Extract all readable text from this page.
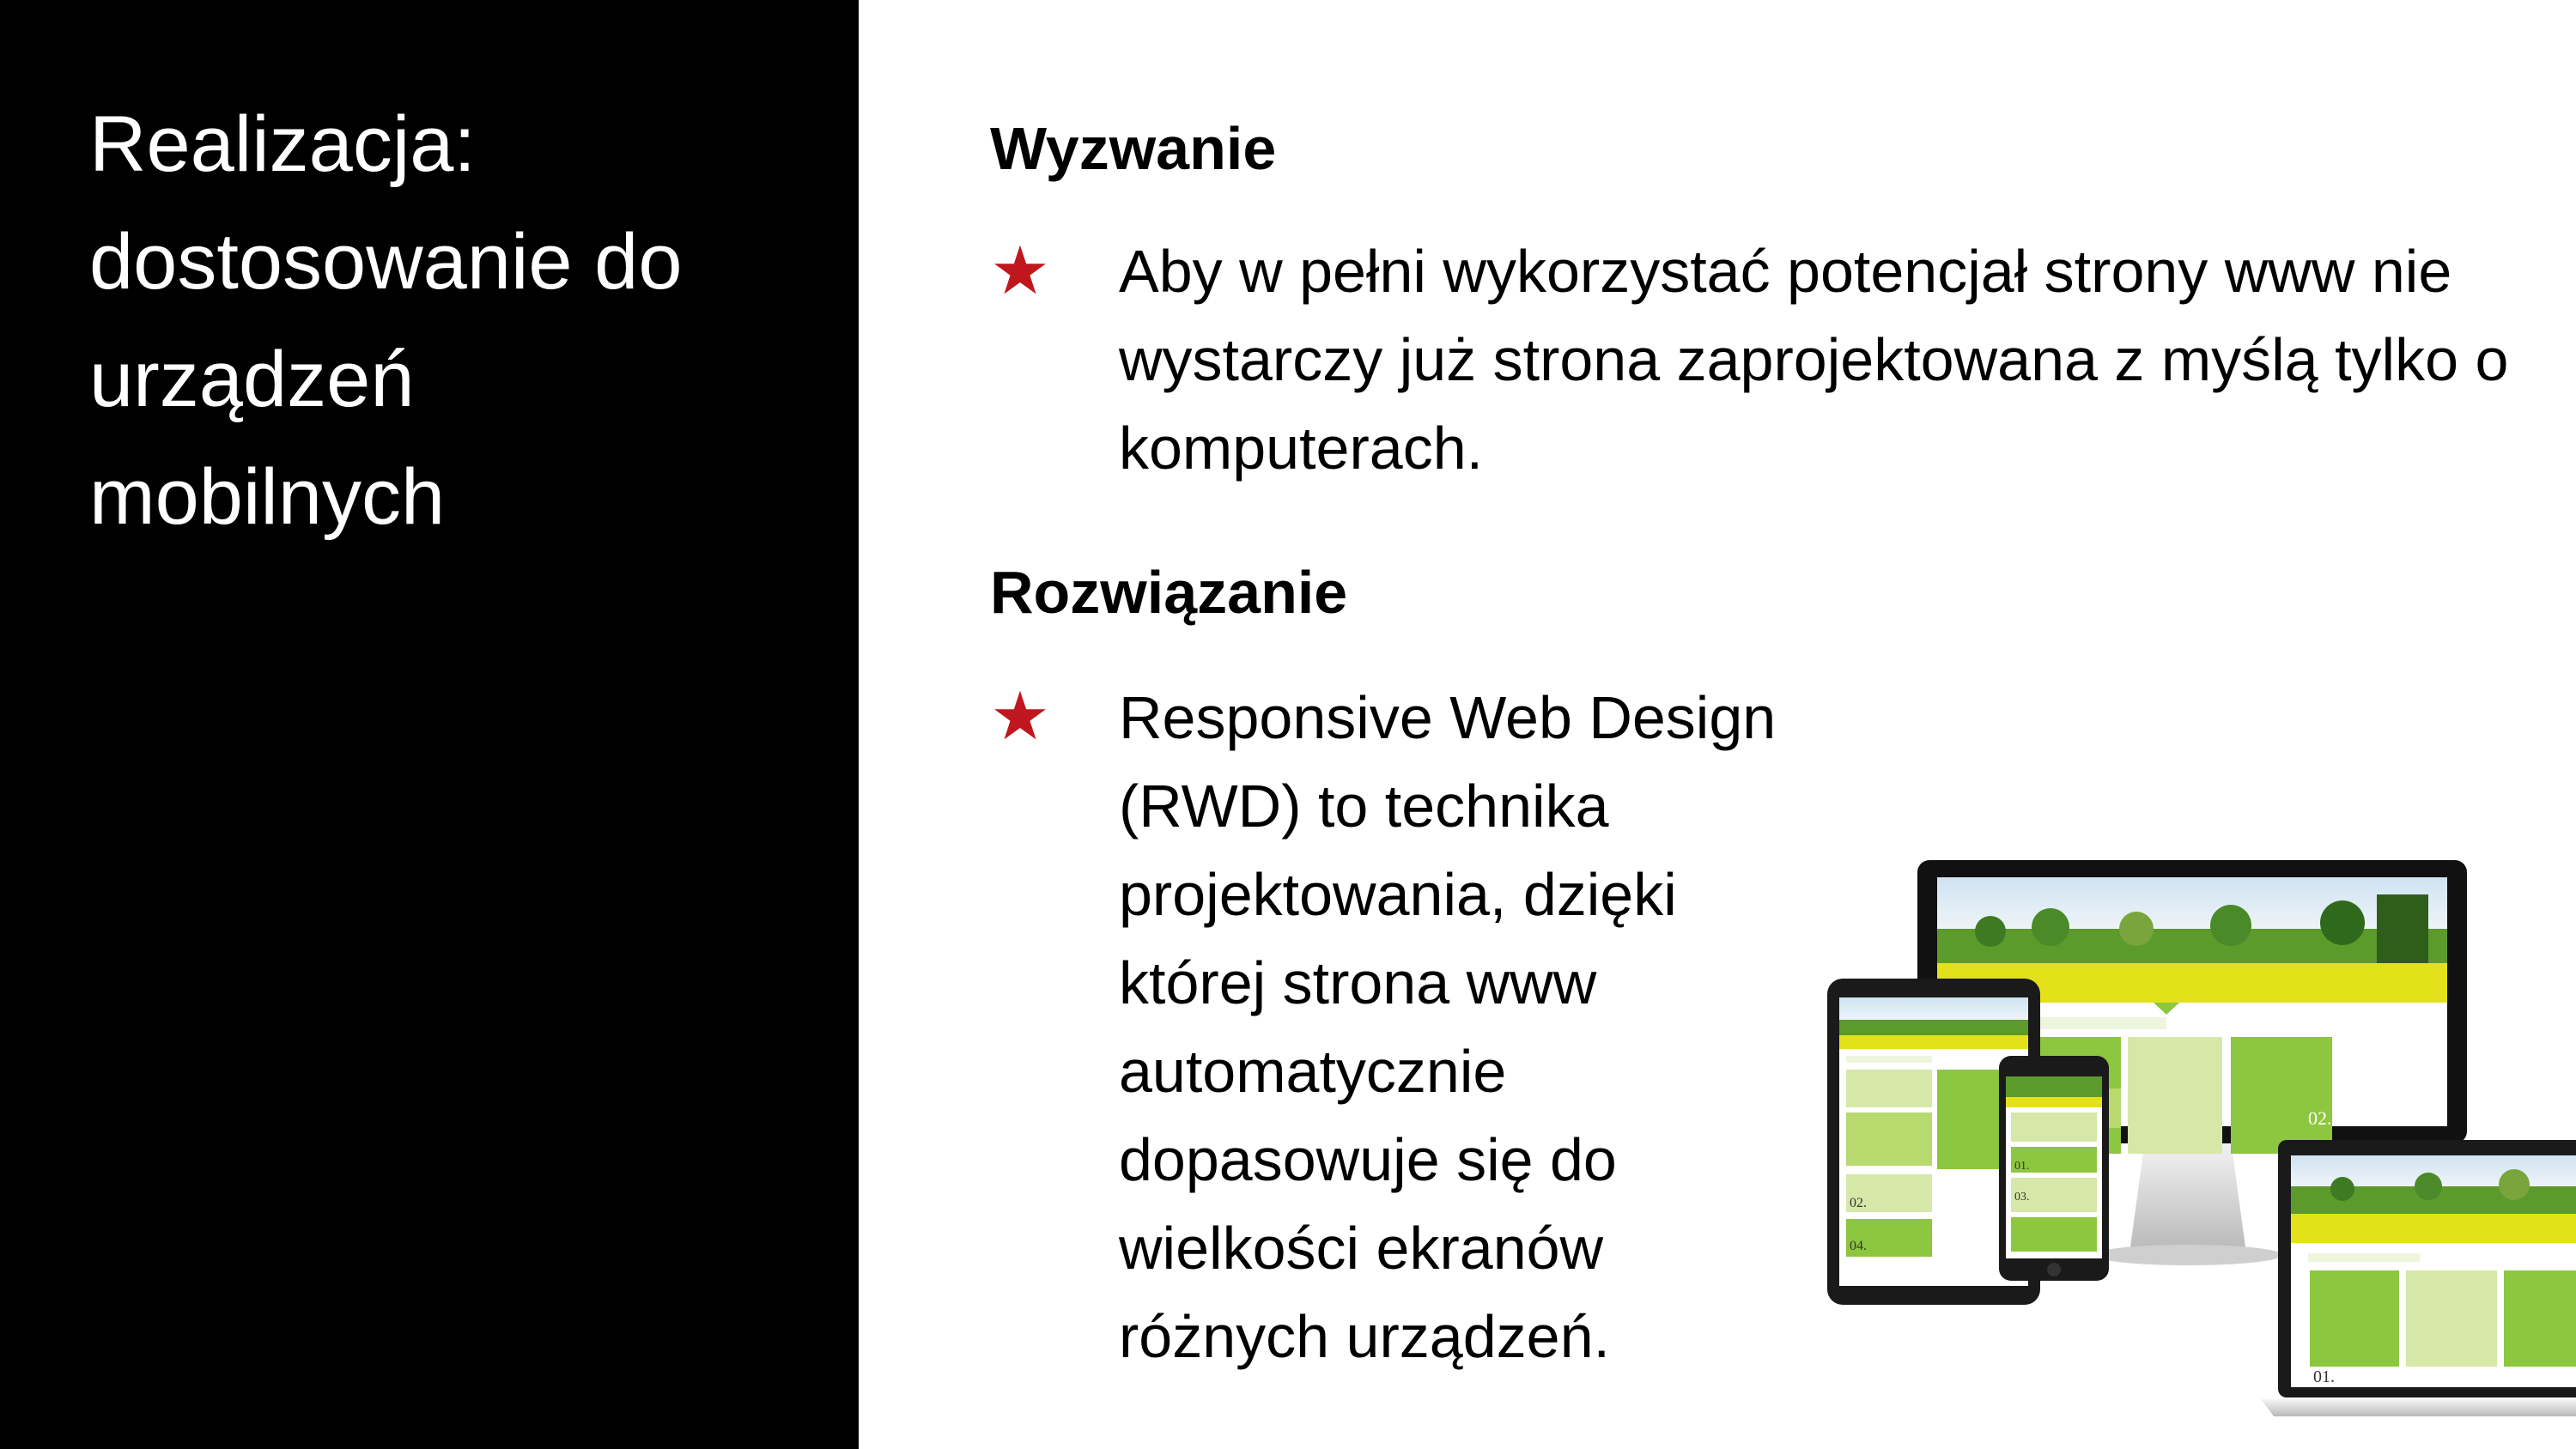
Realizacja:
dostosowanie do
urządzeń
mobilnych
Wyzwanie
★ Aby w pełni wykorzystać potencjał strony www nie wystarczy już strona zaprojektowana z myślą tylko o komputerach.

Rozwiązanie
★ Responsive Web Design (RWD) to technika projektowania, dzięki której strona www automatycznie dopasowuje się do wielkości ekranów różnych urządzeń.

02.
02.
04.
01.
03.
01.
